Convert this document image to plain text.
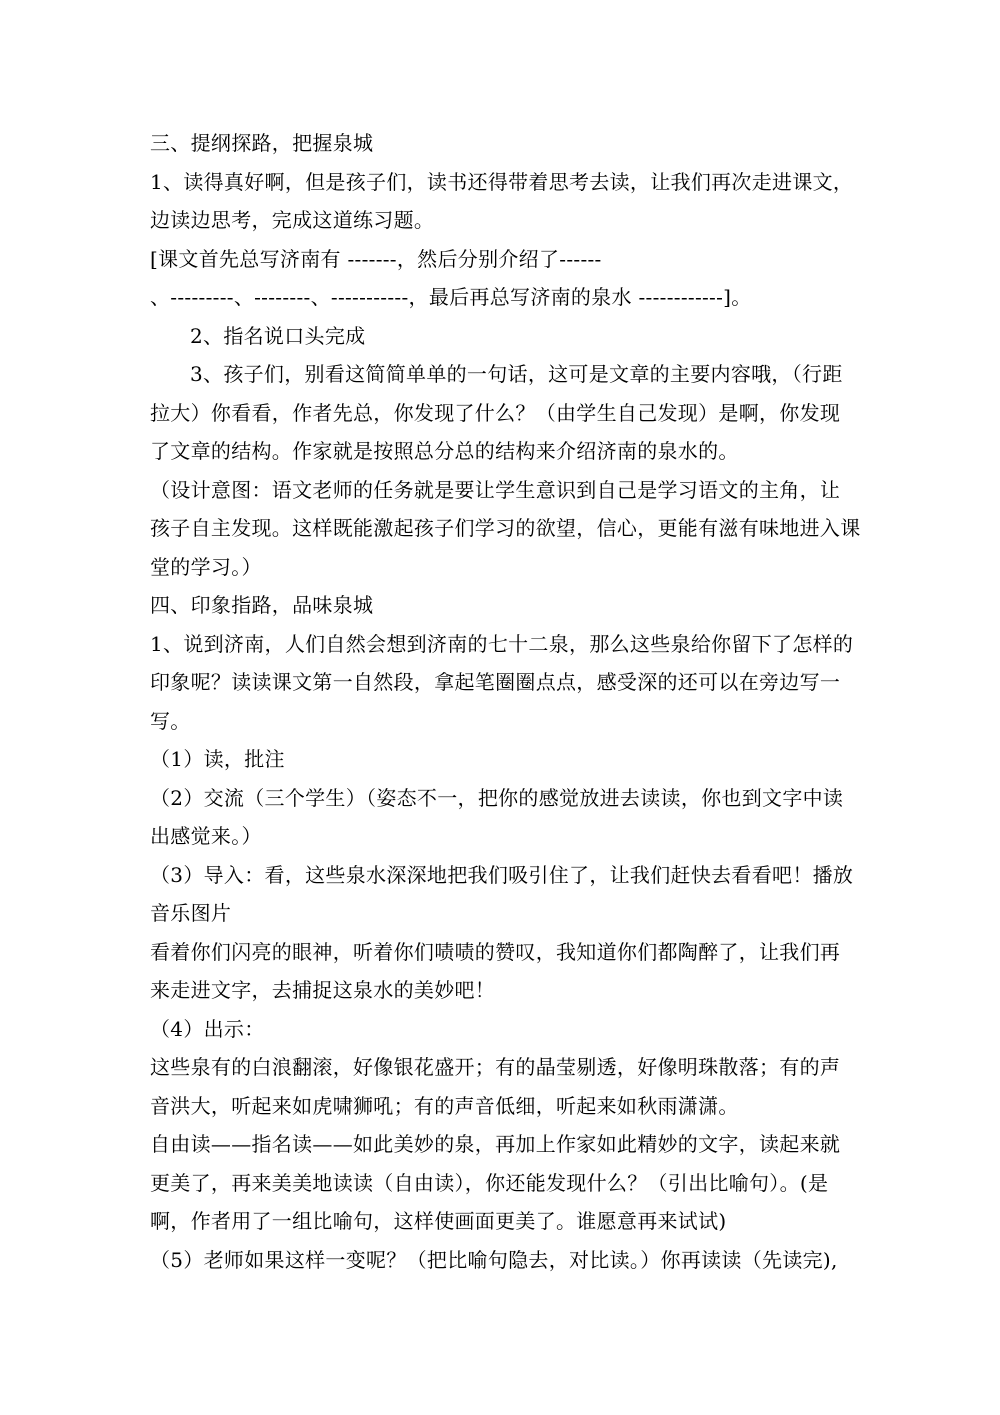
三、提纲探路，把握泉城
1、读得真好啊，但是孩子们，读书还得带着思考去读，让我们再次走进课文，
边读边思考，完成这道练习题。
[课文首先总写济南有 -------，然后分别介绍了------
、---------、--------、-----------，最后再总写济南的泉水 ------------]。
2、指名说口头完成
3、孩子们，别看这简简单单的一句话，这可是文章的主要内容哦，（行距
拉大）你看看，作者先总，你发现了什么？（由学生自己发现）是啊，你发现
了文章的结构。作家就是按照总分总的结构来介绍济南的泉水的。
（设计意图：语文老师的任务就是要让学生意识到自己是学习语文的主角，让
孩子自主发现。这样既能激起孩子们学习的欲望，信心，更能有滋有味地进入课
堂的学习。）
四、印象指路，品味泉城
1、说到济南，人们自然会想到济南的七十二泉，那么这些泉给你留下了怎样的
印象呢？读读课文第一自然段，拿起笔圈圈点点，感受深的还可以在旁边写一
写。
（1）读，批注
（2）交流（三个学生）（姿态不一，把你的感觉放进去读读，你也到文字中读
出感觉来。）
（3）导入：看，这些泉水深深地把我们吸引住了，让我们赶快去看看吧！播放
音乐图片
看着你们闪亮的眼神，听着你们啧啧的赞叹，我知道你们都陶醉了，让我们再
来走进文字，去捕捉这泉水的美妙吧！
（4）出示：
这些泉有的白浪翻滚，好像银花盛开；有的晶莹剔透，好像明珠散落；有的声
音洪大，听起来如虎啸狮吼；有的声音低细，听起来如秋雨潇潇。
自由读——指名读——如此美妙的泉，再加上作家如此精妙的文字，读起来就
更美了，再来美美地读读（自由读），你还能发现什么？（引出比喻句）。(是
啊，作者用了一组比喻句，这样使画面更美了。谁愿意再来试试)
（5）老师如果这样一变呢？（把比喻句隐去，对比读。）你再读读（先读完),
